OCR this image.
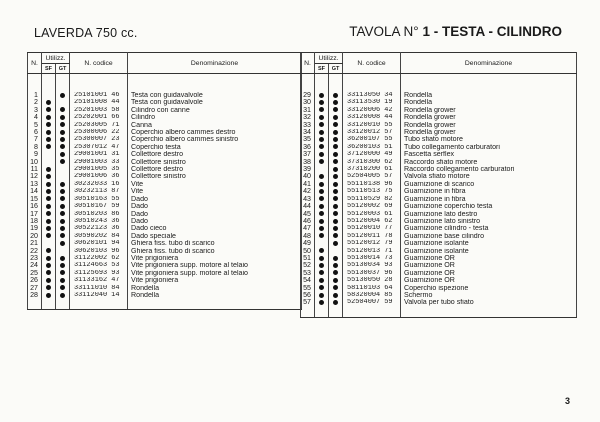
LAVERDA 750 cc.	TAVOLA N° 1 - TESTA - CILINDRO
N.	Utilizz.		N. codice	Denominazione
	SF	GT		

1			25101001 46	Testa con guidavalvole
2			25101008 44	Testa con guidavalvole
3			25201003 58	Cilindro con canne
4			25202001 66	Cilindro
5			25203005 71	Canna
6			25300006 22	Coperchio albero cammes destro
7			25300007 23	Coperchio albero cammes sinistro
8			25307012 47	Coperchio testa
9			29001001 31	Collettore destro
10			29001003 33	Collettore sinistro
11			29001005 35	Collettore destro
12			29001006 36	Collettore sinistro
13			30232033 16	Vite
14			30232113 87	Vite
15			30510163 55	Dado
16			30510167 59	Dado
17			30510203 86	Dado
18			30510243 36	Dado
19			30522123 36	Dado cieco
20			30590202 84	Dado speciale
21			30620101 94	Ghiera fiss. tubo di scarico
22			30620103 96	Ghiera fiss. tubo di scarico
23			31122002 62	Vite prigioniera
24			31124663 53	Vite prigioniera supp. motore al telaio
25			31125693 93	Vite prigioniera supp. motore al telaio
26			31133162 47	Vite prigioniera
27			33111010 84	Rondella
28			33112040 14	Rondella

N.	Utilizz.		N. codice	Denominazione
	SF	GT		

29			33113050 34	Rondella
30			33113530 19	Rondella
31			33120006 42	Rondella grower
32			33120008 44	Rondella grower
33			33120010 55	Rondella grower
34			33120012 57	Rondella grower
35			36200107 55	Tubo sfiato motore
36			36200103 51	Tubo collegamento carburatori
37			37120000 49	Fascetta serflex
38			37310300 62	Raccordo sfiato motore
39			37310200 61	Raccordo collegamento carburatori
40			52504005 57	Valvola sfiato motore
41			55110138 96	Guarnizione di scarico
42			55110513 75	Guarnizione in fibra
43			55110529 82	Guarnizione in fibra
44			55120002 69	Guarnizione coperchio testa
45			55120003 61	Guarnizione lato destro
46			55120004 62	Guarnizione lato sinistro
47			55120010 77	Guarnizione cilindro - testa
48			55120011 78	Guarnizione base cilindro
49			55120012 79	Guarnizione isolante
50			55120013 71	Guarnizione isolante
51			55130014 73	Guarnizione OR
52			55130034 93	Guarnizione OR
53			55130037 96	Guarnizione OR
54			55130050 28	Guarnizione OR
55			58110103 64	Coperchio ispezione
56			58320004 85	Schermo
57			52504007 59	Valvola per tubo sfiato

3
